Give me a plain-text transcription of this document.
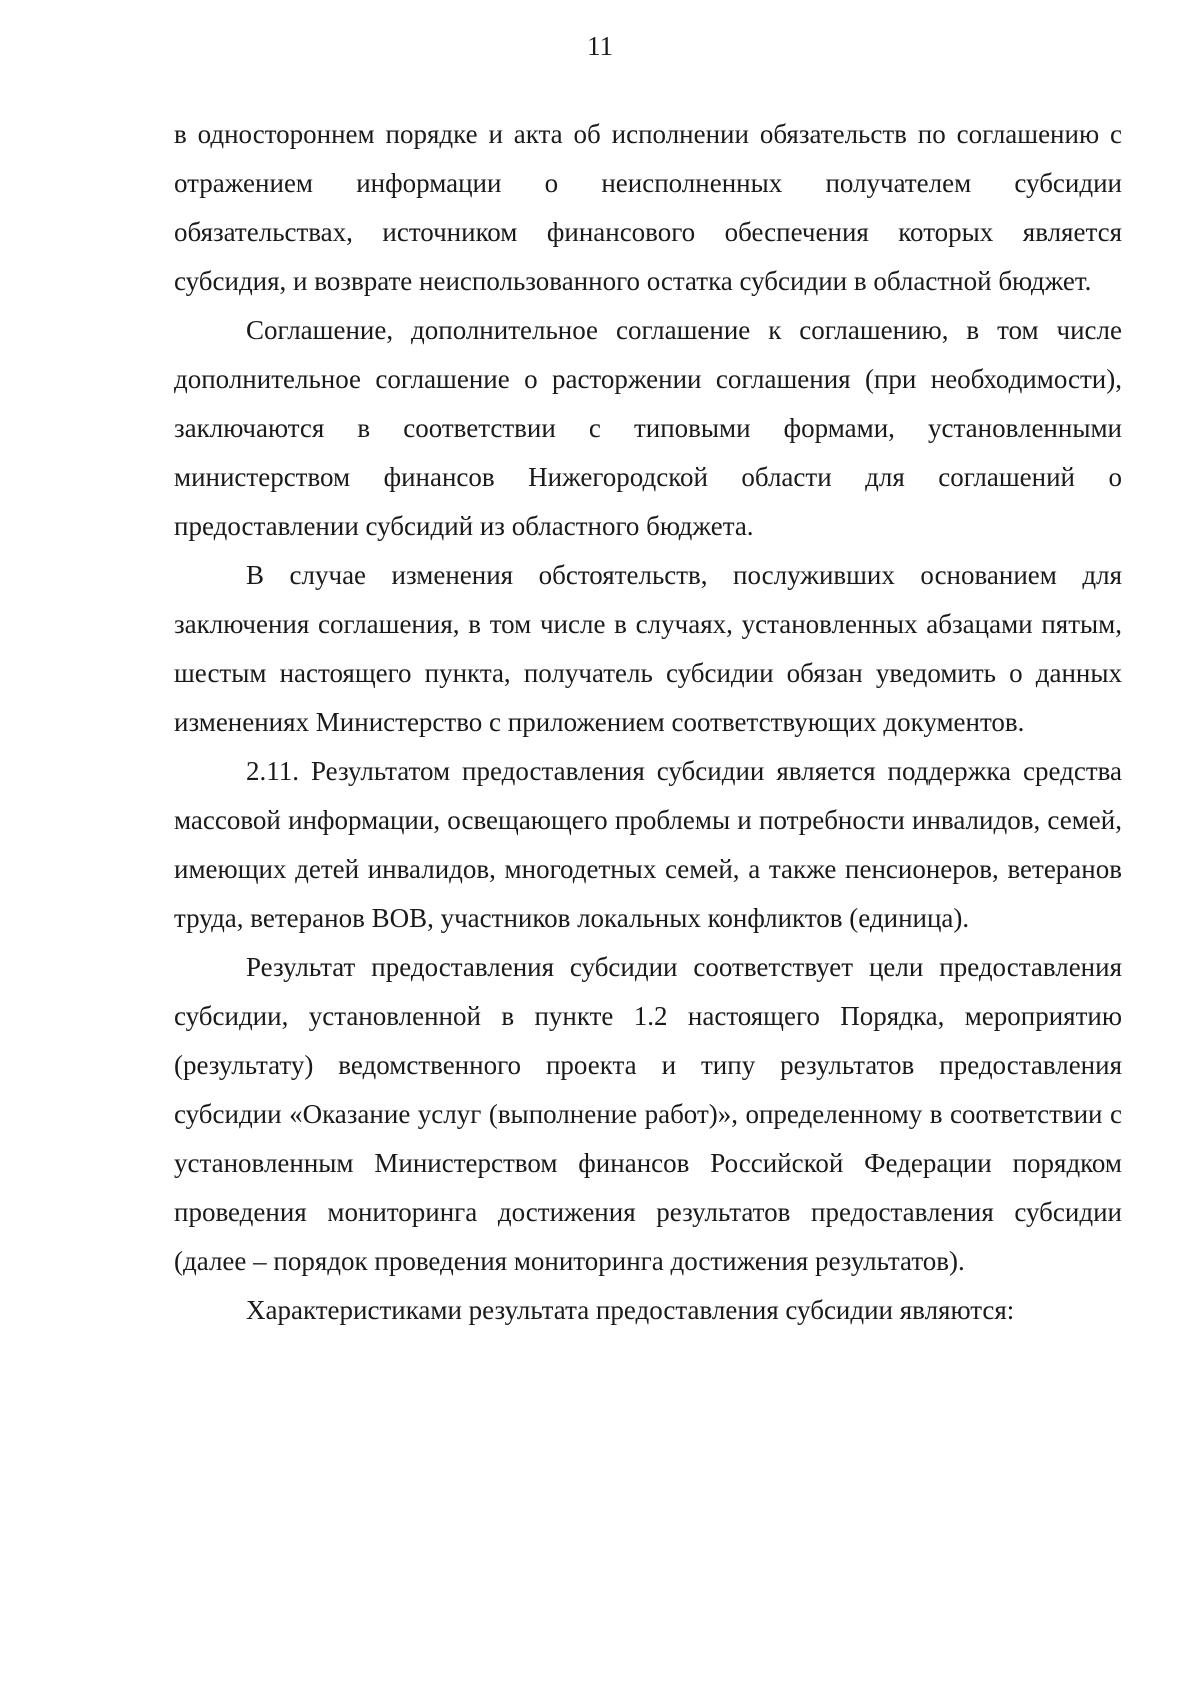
11

в одностороннем порядке и акта об исполнении обязательств по соглашению с отражением информации о неисполненных получателем субсидии обязательствах, источником финансового обеспечения которых является субсидия, и возврате неиспользованного остатка субсидии в областной бюджет.

Соглашение, дополнительное соглашение к соглашению, в том числе дополнительное соглашение о расторжении соглашения (при необходимости), заключаются в соответствии с типовыми формами, установленными министерством финансов Нижегородской области для соглашений о предоставлении субсидий из областного бюджета.

В случае изменения обстоятельств, послуживших основанием для заключения соглашения, в том числе в случаях, установленных абзацами пятым, шестым настоящего пункта, получатель субсидии обязан уведомить о данных изменениях Министерство с приложением соответствующих документов.

2.11. Результатом предоставления субсидии является поддержка средства массовой информации, освещающего проблемы и потребности инвалидов, семей, имеющих детей инвалидов, многодетных семей, а также пенсионеров, ветеранов труда, ветеранов ВОВ, участников локальных конфликтов (единица).

Результат предоставления субсидии соответствует цели предоставления субсидии, установленной в пункте 1.2 настоящего Порядка, мероприятию (результату) ведомственного проекта и типу результатов предоставления субсидии «Оказание услуг (выполнение работ)», определенному в соответствии с установленным Министерством финансов Российской Федерации порядком проведения мониторинга достижения результатов предоставления субсидии (далее – порядок проведения мониторинга достижения результатов).

Характеристиками результата предоставления субсидии являются:
